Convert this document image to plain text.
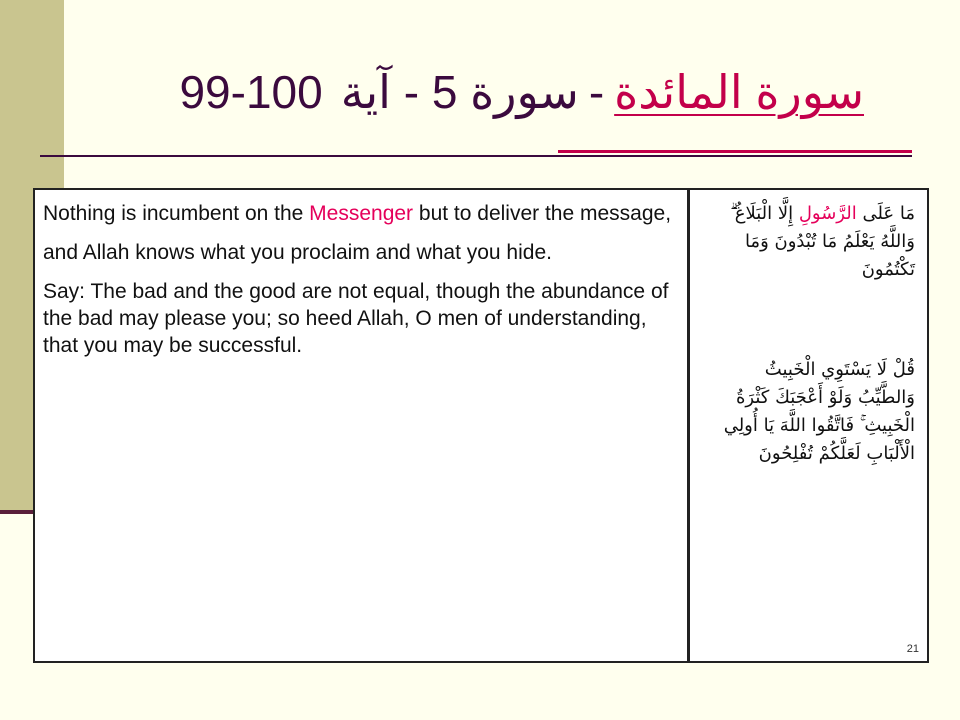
سورة المائدة-سورة 5 - آية99-100

Nothing is incumbent on the Messenger but to deliver the message,

and Allah knows what you proclaim and what you hide.

Say: The bad and the good are not equal, though the abundance of the bad may please you; so heed Allah, O men of understanding, that you may be successful.

مَا عَلَى الرَّسُولِ إِلَّا الْبَلَاغُ ۗ وَاللَّهُ يَعْلَمُ مَا تُبْدُونَ وَمَا تَكْتُمُونَ

قُلْ لَا يَسْتَوِي الْخَبِيثُ وَالطَّيِّبُ وَلَوْ أَعْجَبَكَ كَثْرَةُ الْخَبِيثِ ۚ فَاتَّقُوا اللَّهَ يَا أُولِي الْأَلْبَابِ لَعَلَّكُمْ تُفْلِحُونَ

21
